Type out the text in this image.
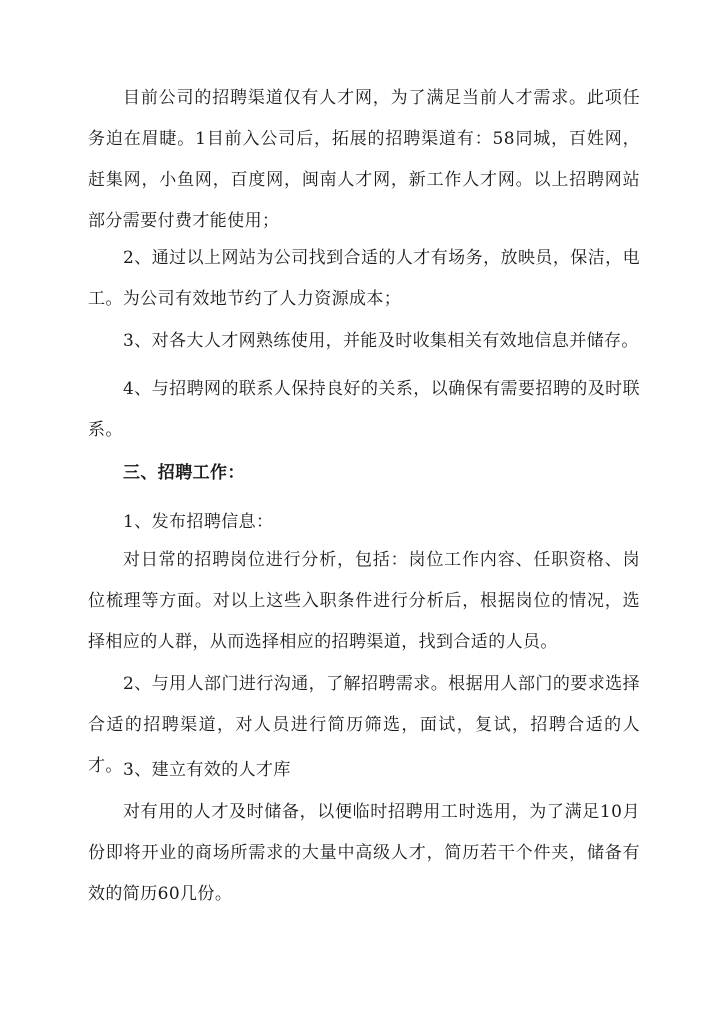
目前公司的招聘渠道仅有人才网，为了满足当前人才需求。此项任务迫在眉睫。1目前入公司后，拓展的招聘渠道有：58同城，百姓网，赶集网，小鱼网，百度网，闽南人才网，新工作人才网。以上招聘网站部分需要付费才能使用；

2、通过以上网站为公司找到合适的人才有场务，放映员，保洁，电工。为公司有效地节约了人力资源成本；

3、对各大人才网熟练使用，并能及时收集相关有效地信息并储存。

4、与招聘网的联系人保持良好的关系，以确保有需要招聘的及时联系。

三、招聘工作：

1、发布招聘信息：

对日常的招聘岗位进行分析，包括：岗位工作内容、任职资格、岗位梳理等方面。对以上这些入职条件进行分析后，根据岗位的情况，选择相应的人群，从而选择相应的招聘渠道，找到合适的人员。

2、与用人部门进行沟通，了解招聘需求。根据用人部门的要求选择合适的招聘渠道，对人员进行简历筛选，面试，复试，招聘合适的人才。 3、建立有效的人才库

对有用的人才及时储备，以便临时招聘用工时选用，为了满足10月份即将开业的商场所需求的大量中高级人才，简历若干个件夹，储备有效的简历60几份。
